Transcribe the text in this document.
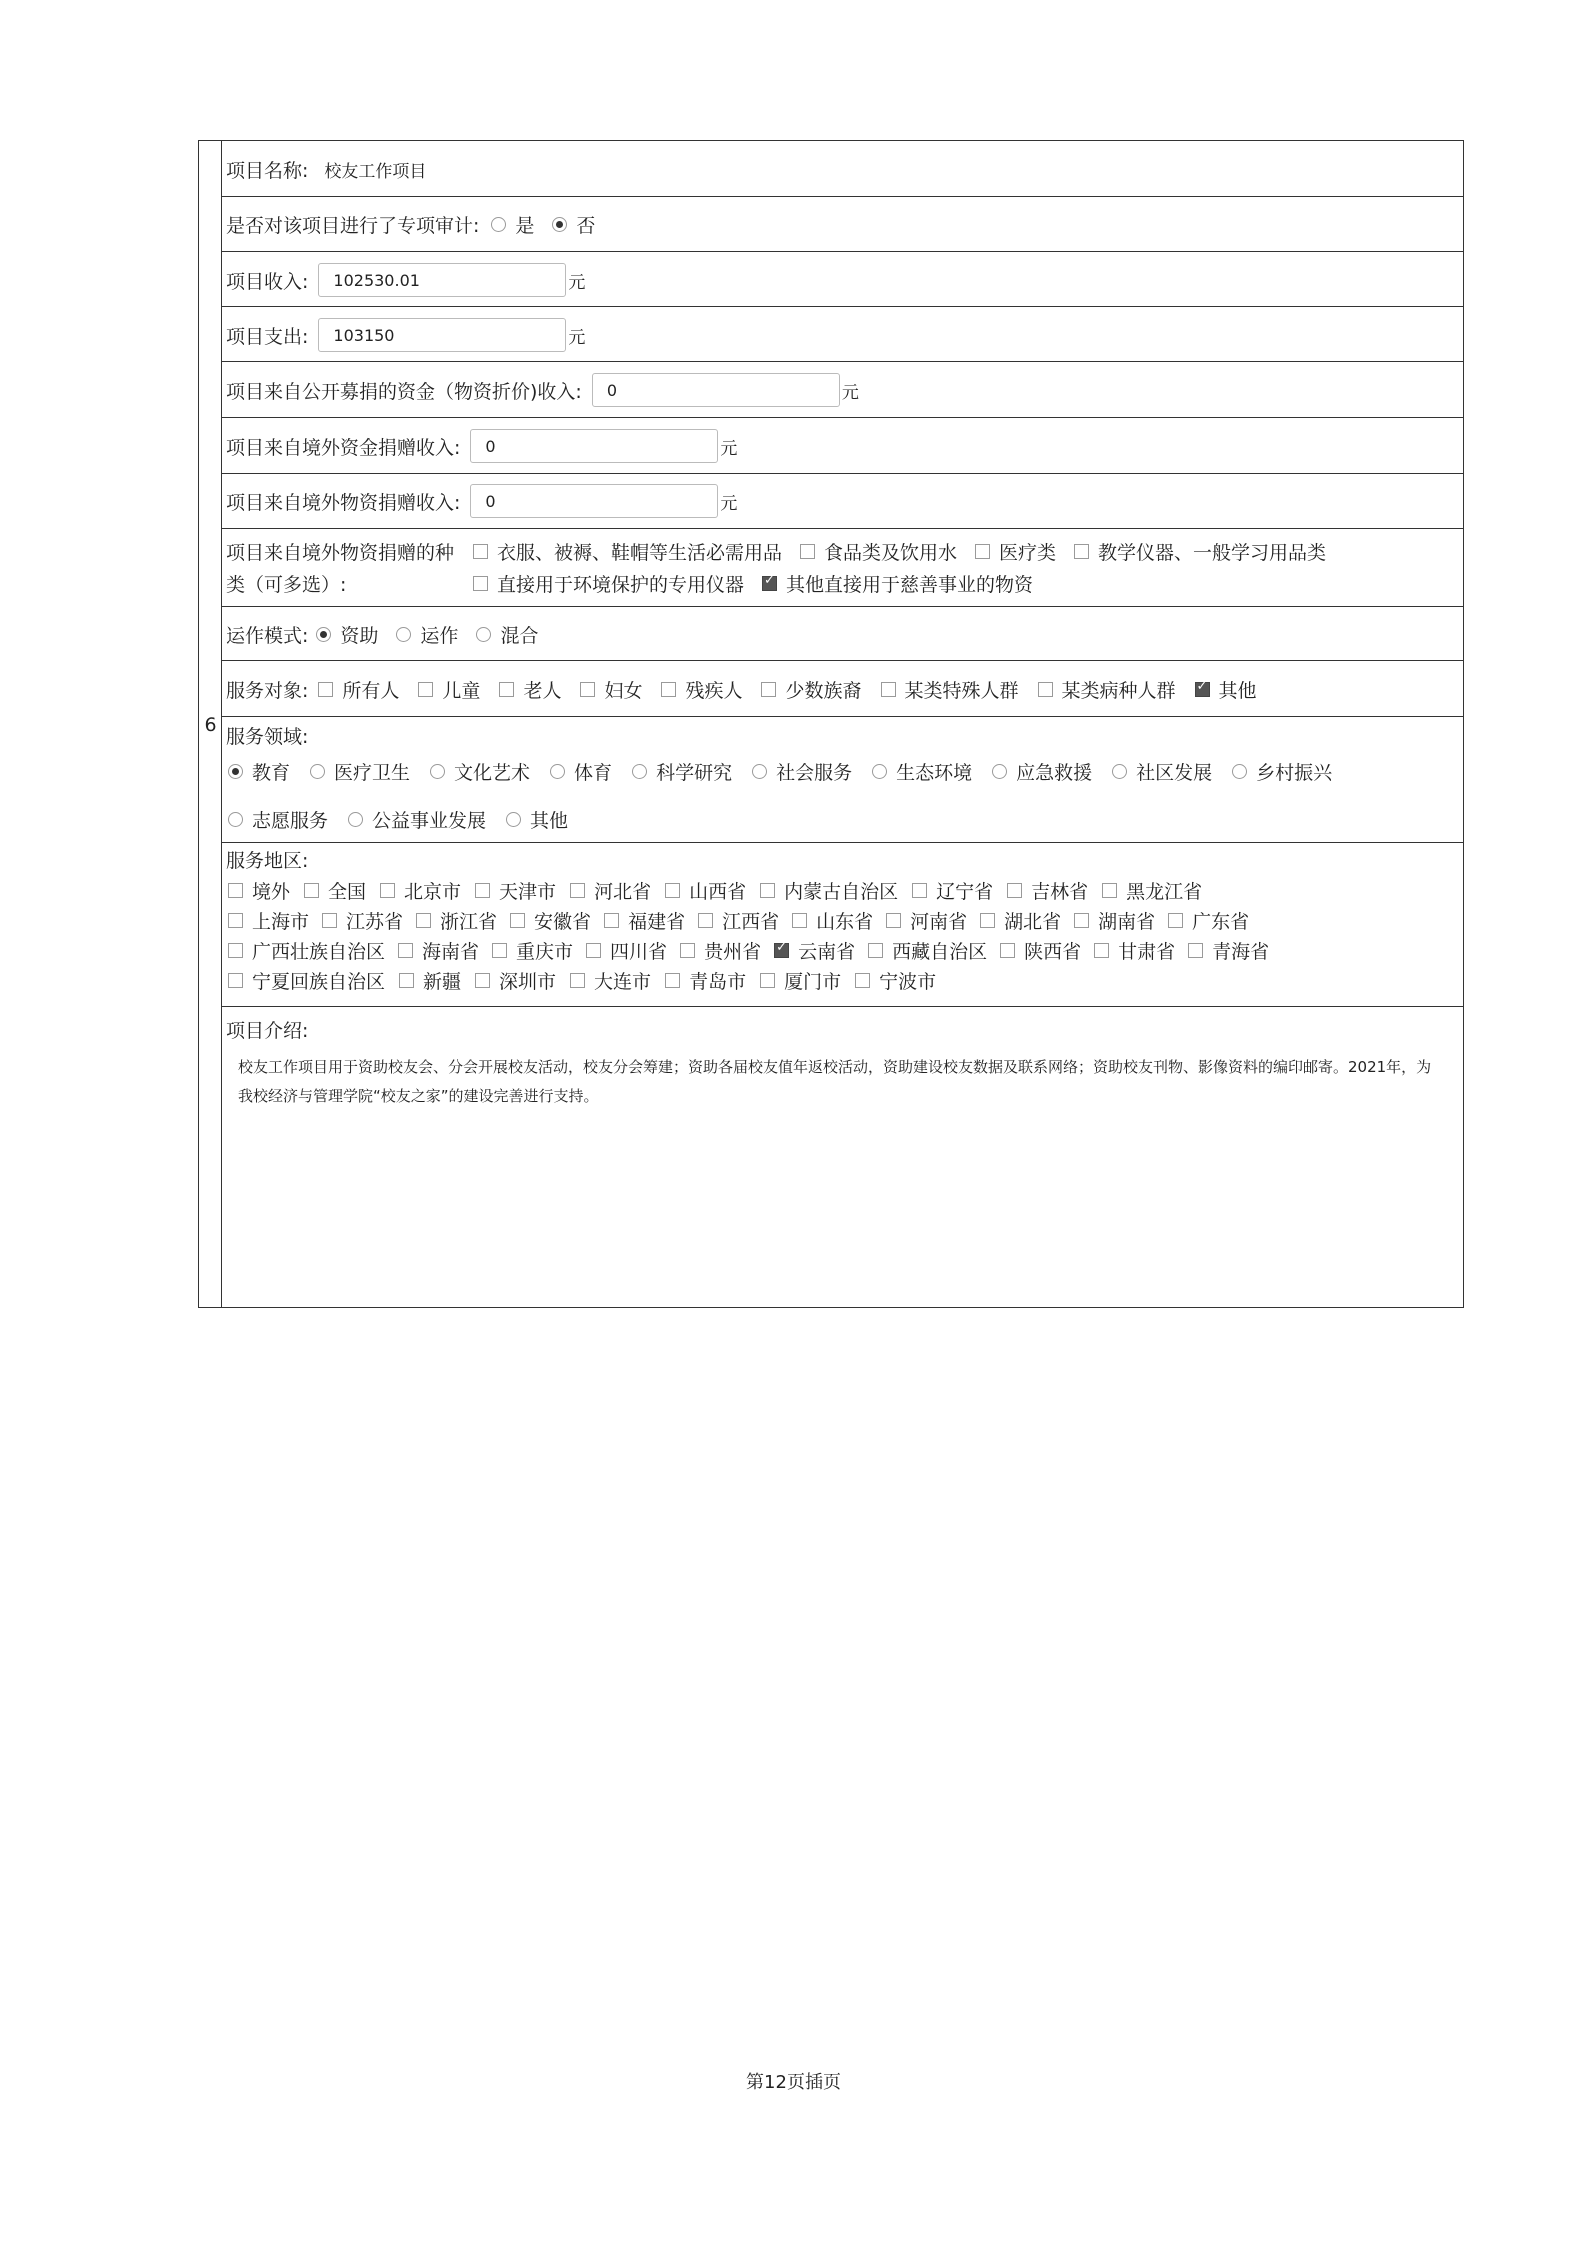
6
项目名称: 校友工作项目
是否对该项目进行了专项审计: 是 否
项目收入:	102530.01	元
项目支出:	103150	元
项目来自公开募捐的资金（物资折价)收入:	0	元
项目来自境外资金捐赠收入:	0	元
项目来自境外物资捐赠收入:	0	元
项目来自境外物资捐赠的种	衣服、被褥、鞋帽等生活必需用品 食品类及饮用水 医疗类 教学仪器、一般学习用品类
类（可多选）:	直接用于环境保护的专用仪器 ✓ 其他直接用于慈善事业的物资
运作模式: 资助 运作 混合
服务对象: 所有人 儿童 老人 妇女 残疾人 少数族裔 某类特殊人群 某类病种人群 ✓ 其他
服务领域:
教育 医疗卫生 文化艺术 体育 科学研究 社会服务 生态环境 应急救援 社区发展 乡村振兴
志愿服务 公益事业发展 其他
服务地区:
境外 全国 北京市 天津市 河北省 山西省 内蒙古自治区 辽宁省 吉林省 黑龙江省
上海市 江苏省 浙江省 安徽省 福建省 江西省 山东省 河南省 湖北省 湖南省 广东省
广西壮族自治区 海南省 重庆市 四川省 贵州省 ✓ 云南省 西藏自治区 陕西省 甘肃省 青海省
宁夏回族自治区 新疆 深圳市 大连市 青岛市 厦门市 宁波市
项目介绍:
校友工作项目用于资助校友会、分会开展校友活动，校友分会筹建；资助各届校友值年返校活动，资助建设校友数据及联系网络；资助校友刊物、影像资料的编印邮寄。2021年，为我校经济与管理学院“校友之家”的建设完善进行支持。
第12页插页
